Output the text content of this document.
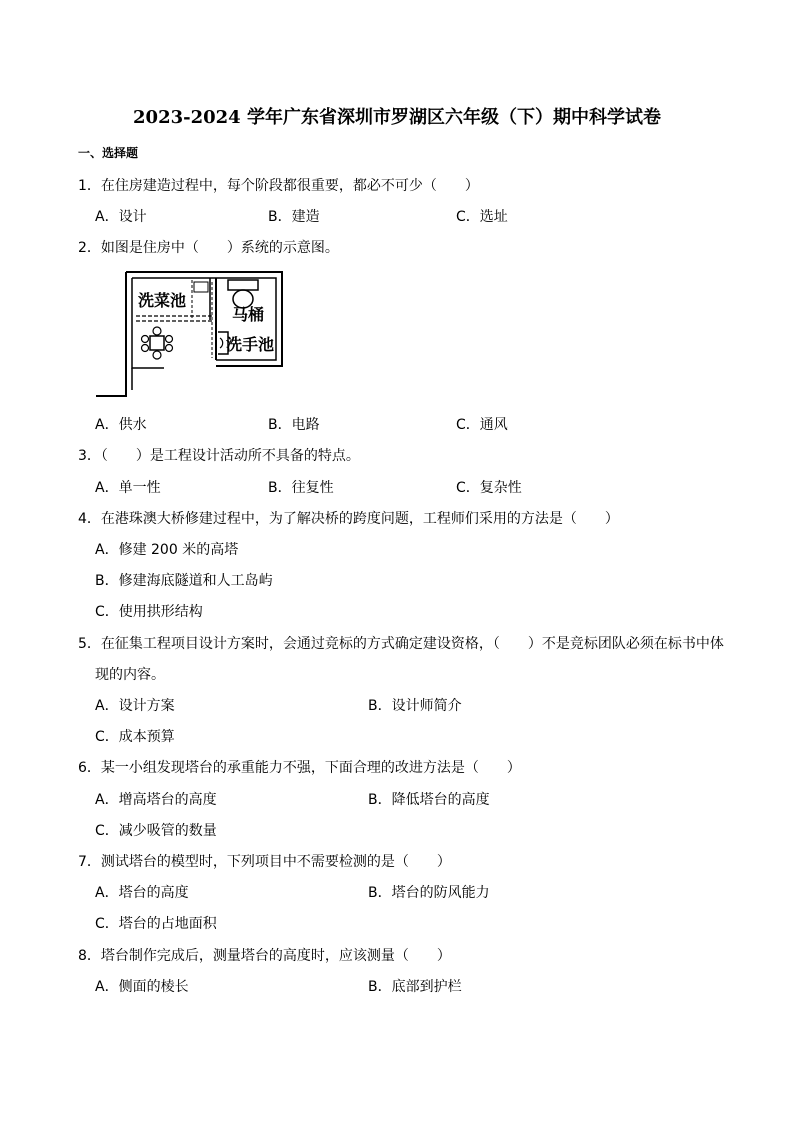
2023-2024 学年广东省深圳市罗湖区六年级（下）期中科学试卷
一、选择题
1．在住房建造过程中，每个阶段都很重要，都必不可少（　　）
A．设计	B．建造	C．选址
2．如图是住房中（　　）系统的示意图。
洗菜池
马桶
洗手池
A．供水	B．电路	C．通风
3．（　　）是工程设计活动所不具备的特点。
A．单一性	B．往复性	C．复杂性
4．在港珠澳大桥修建过程中，为了解决桥的跨度问题，工程师们采用的方法是（　　）
A．修建 200 米的高塔
B．修建海底隧道和人工岛屿
C．使用拱形结构
5．在征集工程项目设计方案时，会通过竞标的方式确定建设资格，（　　）不是竞标团队必须在标书中体
现的内容。
A．设计方案	B．设计师简介
C．成本预算
6．某一小组发现塔台的承重能力不强，下面合理的改进方法是（　　）
A．增高塔台的高度	B．降低塔台的高度
C．减少吸管的数量
7．测试塔台的模型时，下列项目中不需要检测的是（　　）
A．塔台的高度	B．塔台的防风能力
C．塔台的占地面积
8．塔台制作完成后，测量塔台的高度时，应该测量（　　）
A．侧面的棱长	B．底部到护栏
